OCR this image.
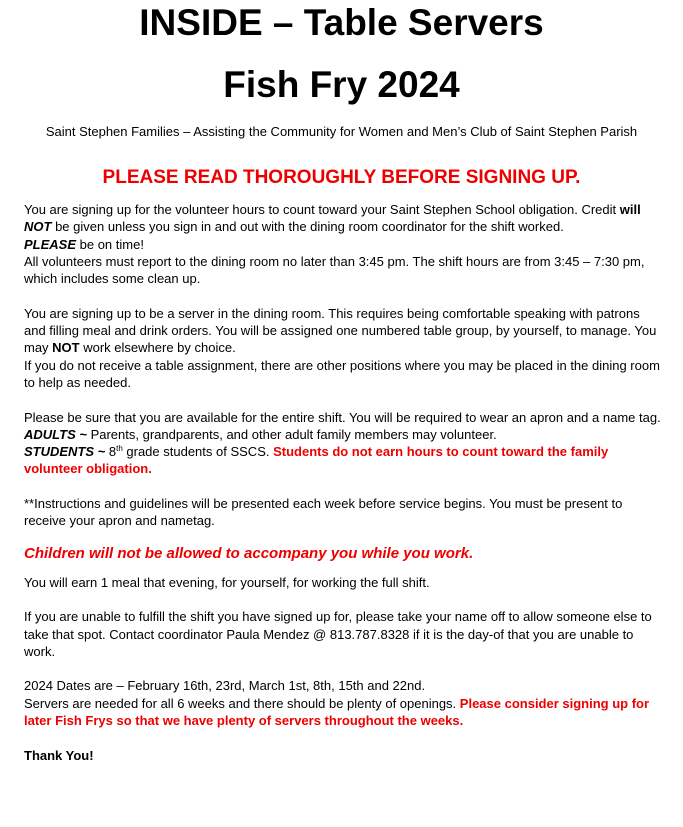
INSIDE – Table Servers
Fish Fry 2024
Saint Stephen Families – Assisting the Community for Women and Men’s Club of Saint Stephen Parish
PLEASE READ THOROUGHLY BEFORE SIGNING UP.

You are signing up for the volunteer hours to count toward your Saint Stephen School obligation. Credit will NOT be given unless you sign in and out with the dining room coordinator for the shift worked.

PLEASE be on time!

All volunteers must report to the dining room no later than 3:45 pm. The shift hours are from 3:45 – 7:30 pm, which includes some clean up.

You are signing up to be a server in the dining room. This requires being comfortable speaking with patrons and filling meal and drink orders. You will be assigned one numbered table group, by yourself, to manage. You may NOT work elsewhere by choice.

If you do not receive a table assignment, there are other positions where you may be placed in the dining room to help as needed.

Please be sure that you are available for the entire shift. You will be required to wear an apron and a name tag.

ADULTS ~ Parents, grandparents, and other adult family members may volunteer.

STUDENTS ~ 8th grade students of SSCS. Students do not earn hours to count toward the family volunteer obligation.

**Instructions and guidelines will be presented each week before service begins. You must be present to receive your apron and nametag.

Children will not be allowed to accompany you while you work.

You will earn 1 meal that evening, for yourself, for working the full shift.

If you are unable to fulfill the shift you have signed up for, please take your name off to allow someone else to take that spot. Contact coordinator Paula Mendez @ 813.787.8328 if it is the day-of that you are unable to work.

2024 Dates are – February 16th, 23rd, March 1st, 8th, 15th and 22nd.

Servers are needed for all 6 weeks and there should be plenty of openings. Please consider signing up for later Fish Frys so that we have plenty of servers throughout the weeks.

Thank You!
